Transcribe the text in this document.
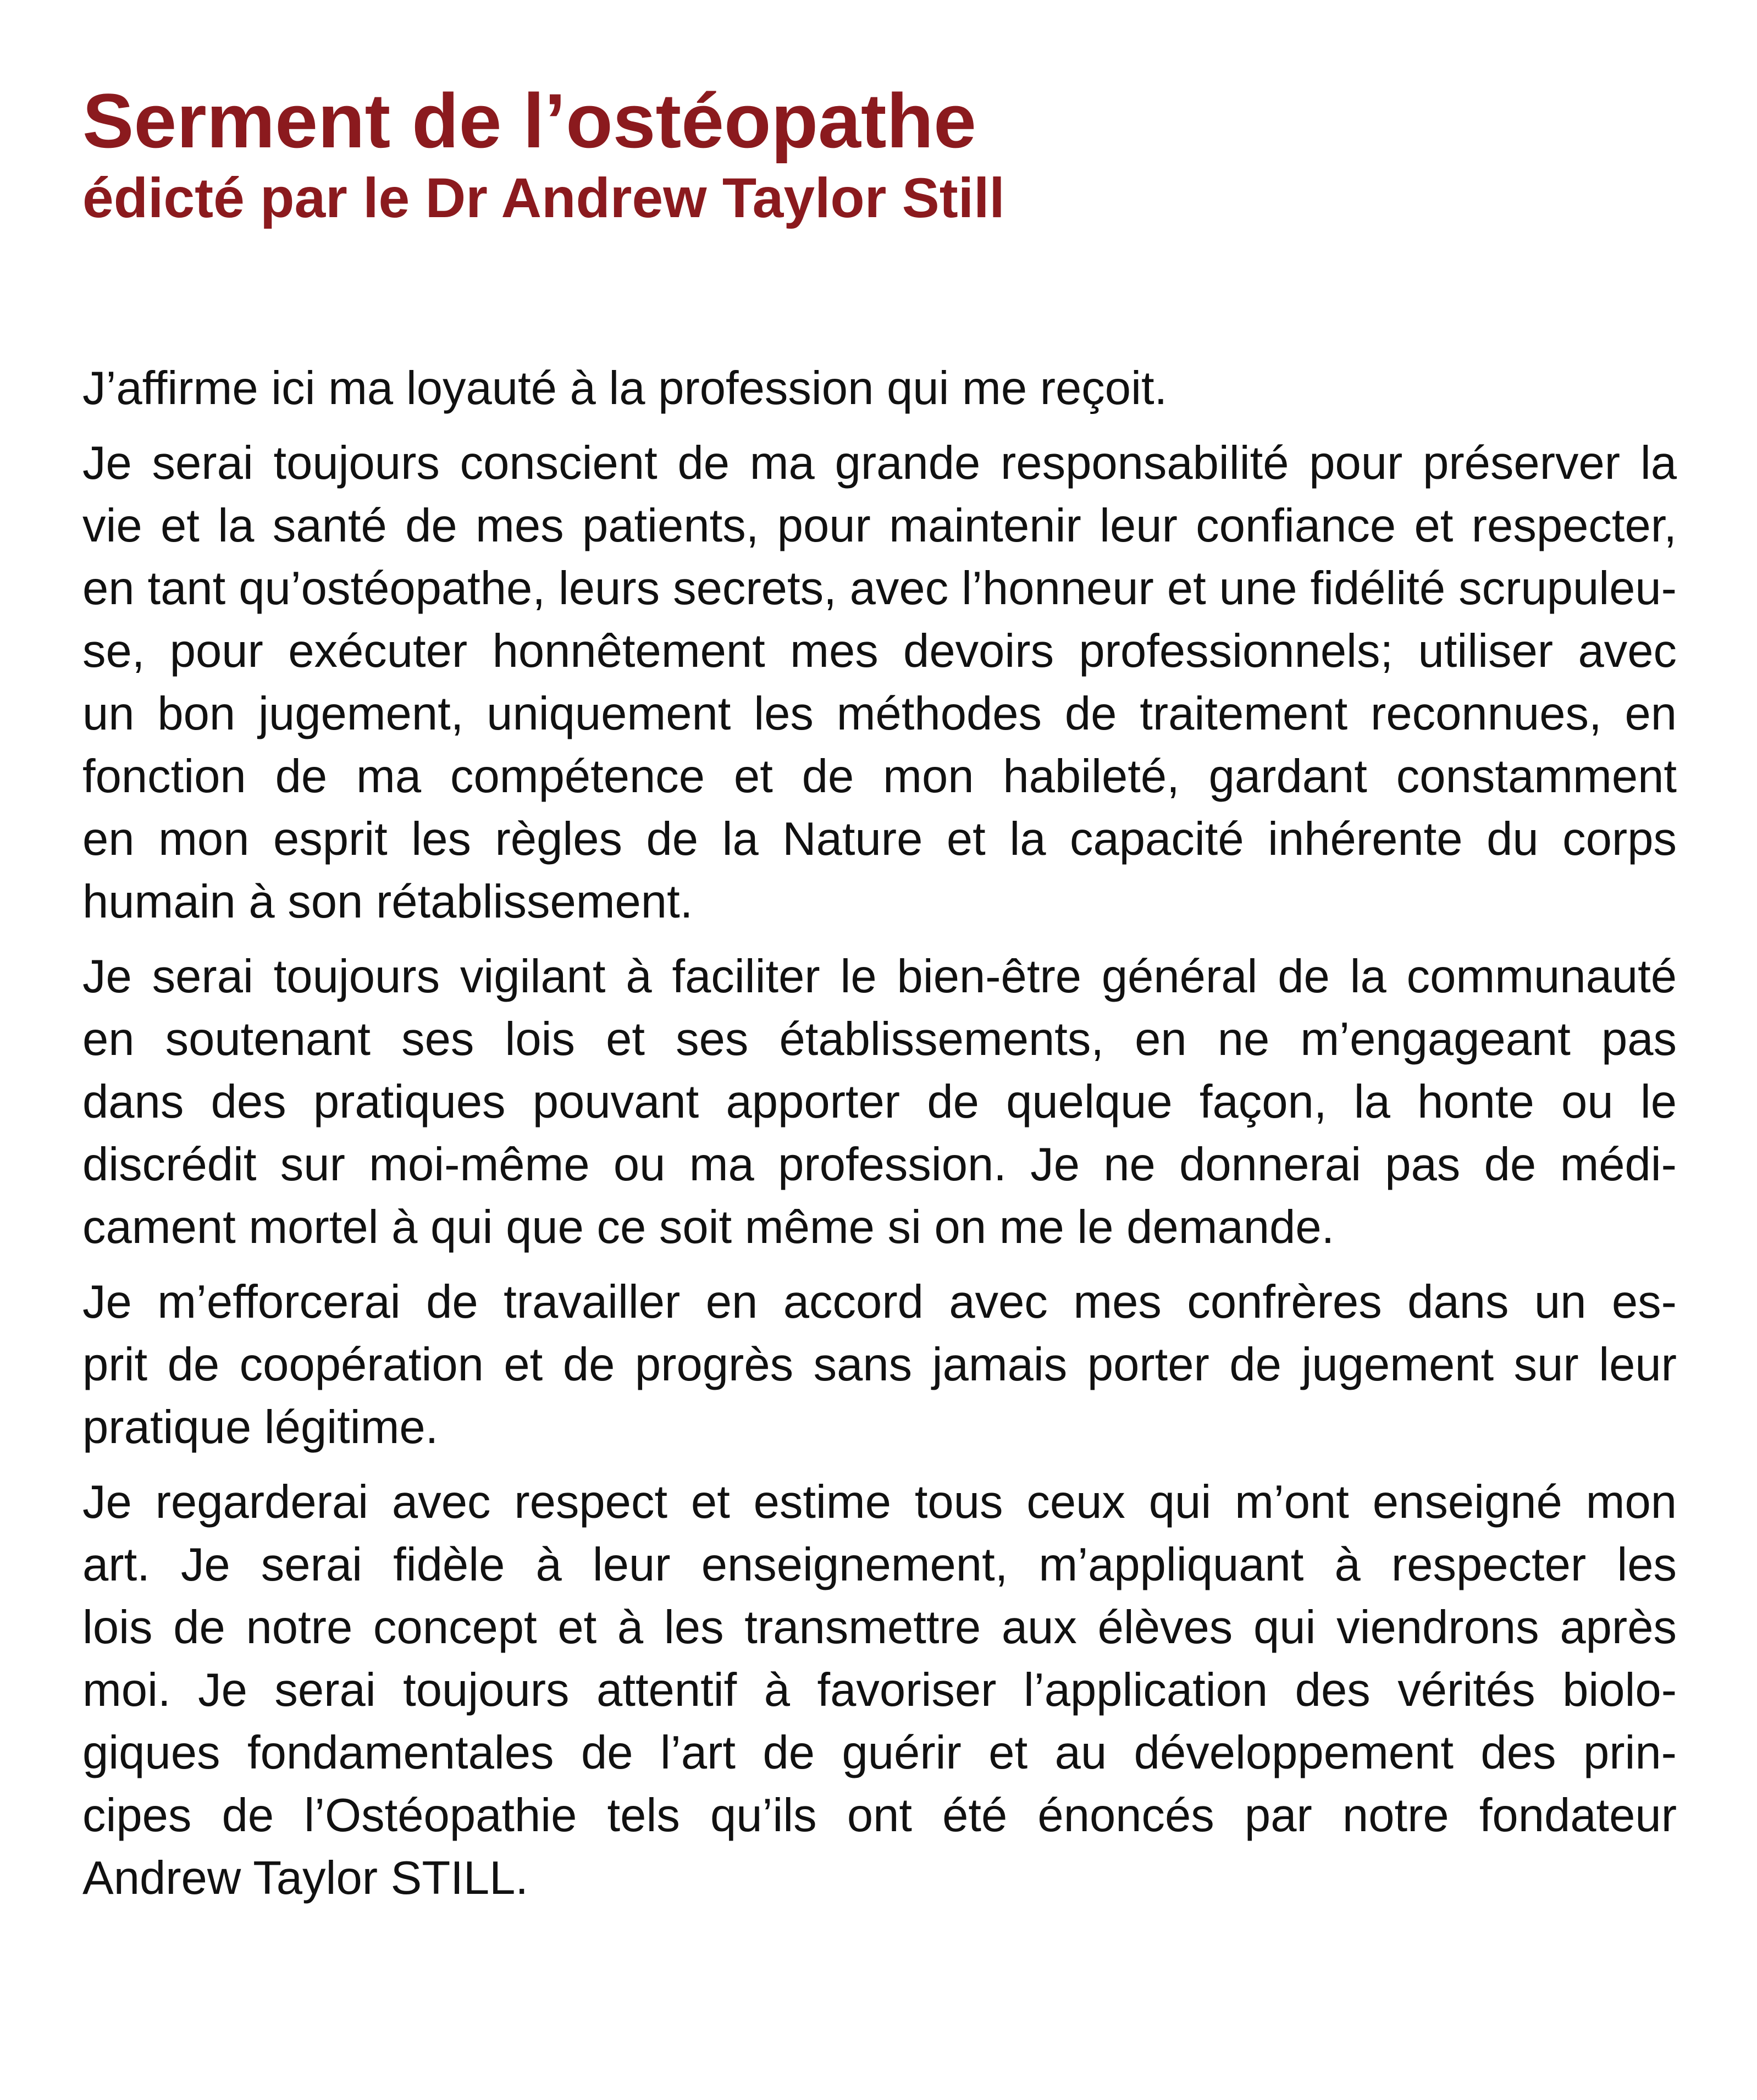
Serment de l’ostéopathe
édicté par le Dr Andrew Taylor Still

J’affirme ici ma loyauté à la profession qui me reçoit.

Je serai toujours conscient de ma grande responsabilité pour préserver la
vie et la santé de mes patients, pour maintenir leur confiance et respecter,
en tant qu’ostéopathe, leurs secrets, avec l’honneur et une fidélité scrupuleu-
se, pour exécuter honnêtement mes devoirs professionnels; utiliser avec
un bon jugement, uniquement les méthodes de traitement reconnues, en
fonction de ma compétence et de mon habileté, gardant constamment
en mon esprit les règles de la Nature et la capacité inhérente du corps
humain à son rétablissement.

Je serai toujours vigilant à faciliter le bien-être général de la communauté
en soutenant ses lois et ses établissements, en ne m’engageant pas
dans des pratiques pouvant apporter de quelque façon, la honte ou le
discrédit sur moi-même ou ma profession. Je ne donnerai pas de médi-
cament mortel à qui que ce soit même si on me le demande.

Je m’efforcerai de travailler en accord avec mes confrères dans un es-
prit de coopération et de progrès sans jamais porter de jugement sur leur
pratique légitime.

Je regarderai avec respect et estime tous ceux qui m’ont enseigné mon
art. Je serai fidèle à leur enseignement, m’appliquant à respecter les
lois de notre concept et à les transmettre aux élèves qui viendrons après
moi. Je serai toujours attentif à favoriser l’application des vérités biolo-
giques fondamentales de l’art de guérir et au développement des prin-
cipes de l’Ostéopathie tels qu’ils ont été énoncés par notre fondateur
Andrew Taylor STILL.
